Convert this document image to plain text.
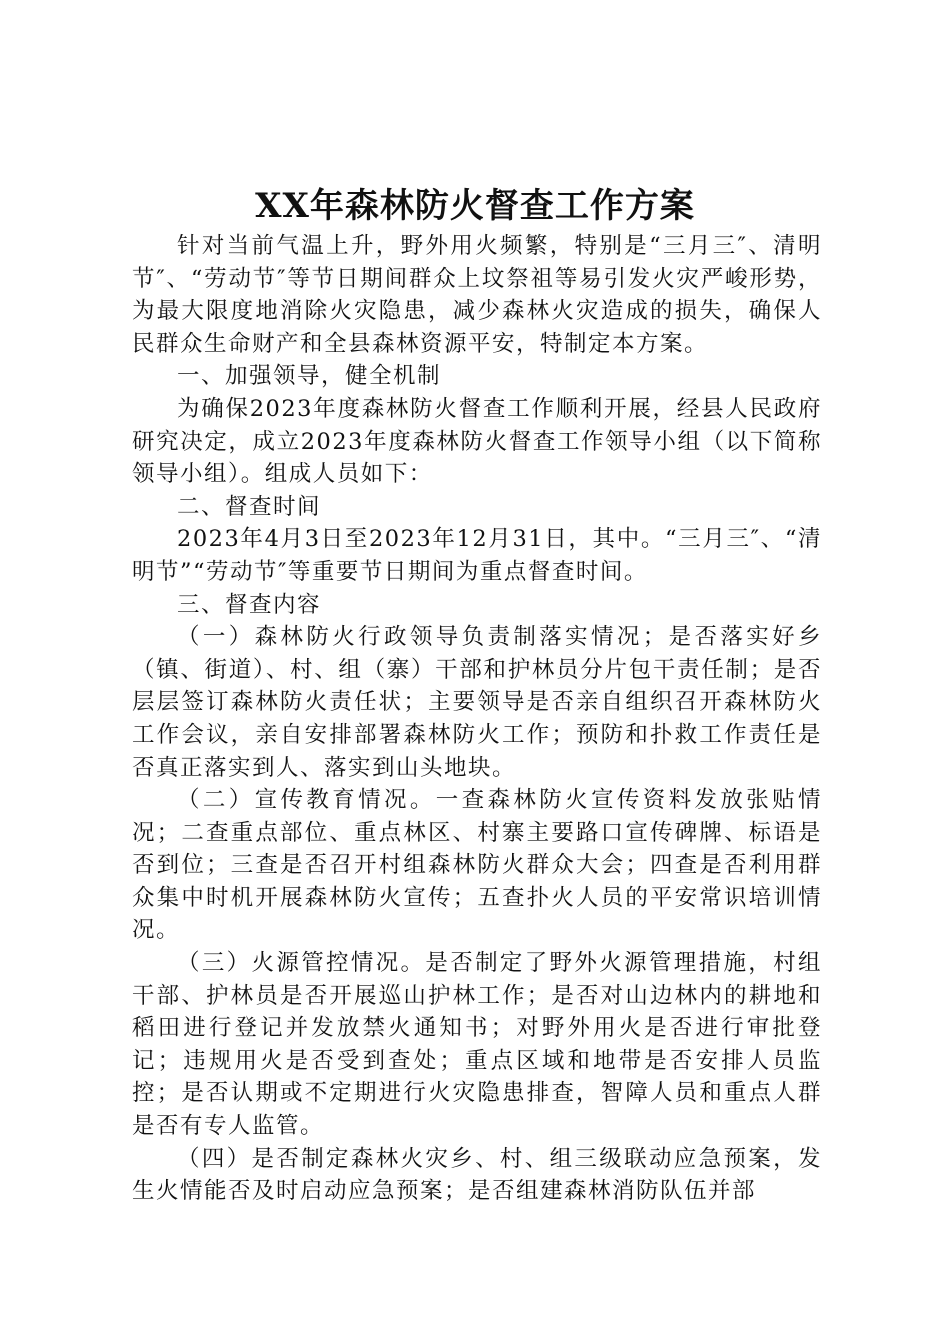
XX年森林防火督查工作方案

针对当前气温上升，野外用火频繁，特别是“三月三″、清明节″、“劳动节″等节日期间群众上坟祭祖等易引发火灾严峻形势，为最大限度地消除火灾隐患，减少森林火灾造成的损失，确保人民群众生命财产和全县森林资源平安，特制定本方案。

一、加强领导，健全机制

为确保2023年度森林防火督查工作顺利开展，经县人民政府研究决定，成立2023年度森林防火督查工作领导小组（以下简称领导小组）。组成人员如下：

二、督查时间

2023年4月3日至2023年12月31日，其中。“三月三″、“清明节”“劳动节″等重要节日期间为重点督查时间。

三、督查内容

（一）森林防火行政领导负责制落实情况；是否落实好乡（镇、街道）、村、组（寨）干部和护林员分片包干责任制；是否层层签订森林防火责任状；主要领导是否亲自组织召开森林防火工作会议，亲自安排部署森林防火工作；预防和扑救工作责任是否真正落实到人、落实到山头地块。

（二）宣传教育情况。一查森林防火宣传资料发放张贴情况；二查重点部位、重点林区、村寨主要路口宣传碑牌、标语是否到位；三查是否召开村组森林防火群众大会；四查是否利用群众集中时机开展森林防火宣传；五查扑火人员的平安常识培训情况。

（三）火源管控情况。是否制定了野外火源管理措施，村组干部、护林员是否开展巡山护林工作；是否对山边林内的耕地和稻田进行登记并发放禁火通知书；对野外用火是否进行审批登记；违规用火是否受到查处；重点区域和地带是否安排人员监控；是否认期或不定期进行火灾隐患排查，智障人员和重点人群是否有专人监管。

（四）是否制定森林火灾乡、村、组三级联动应急预案，发生火情能否及时启动应急预案；是否组建森林消防队伍并部
